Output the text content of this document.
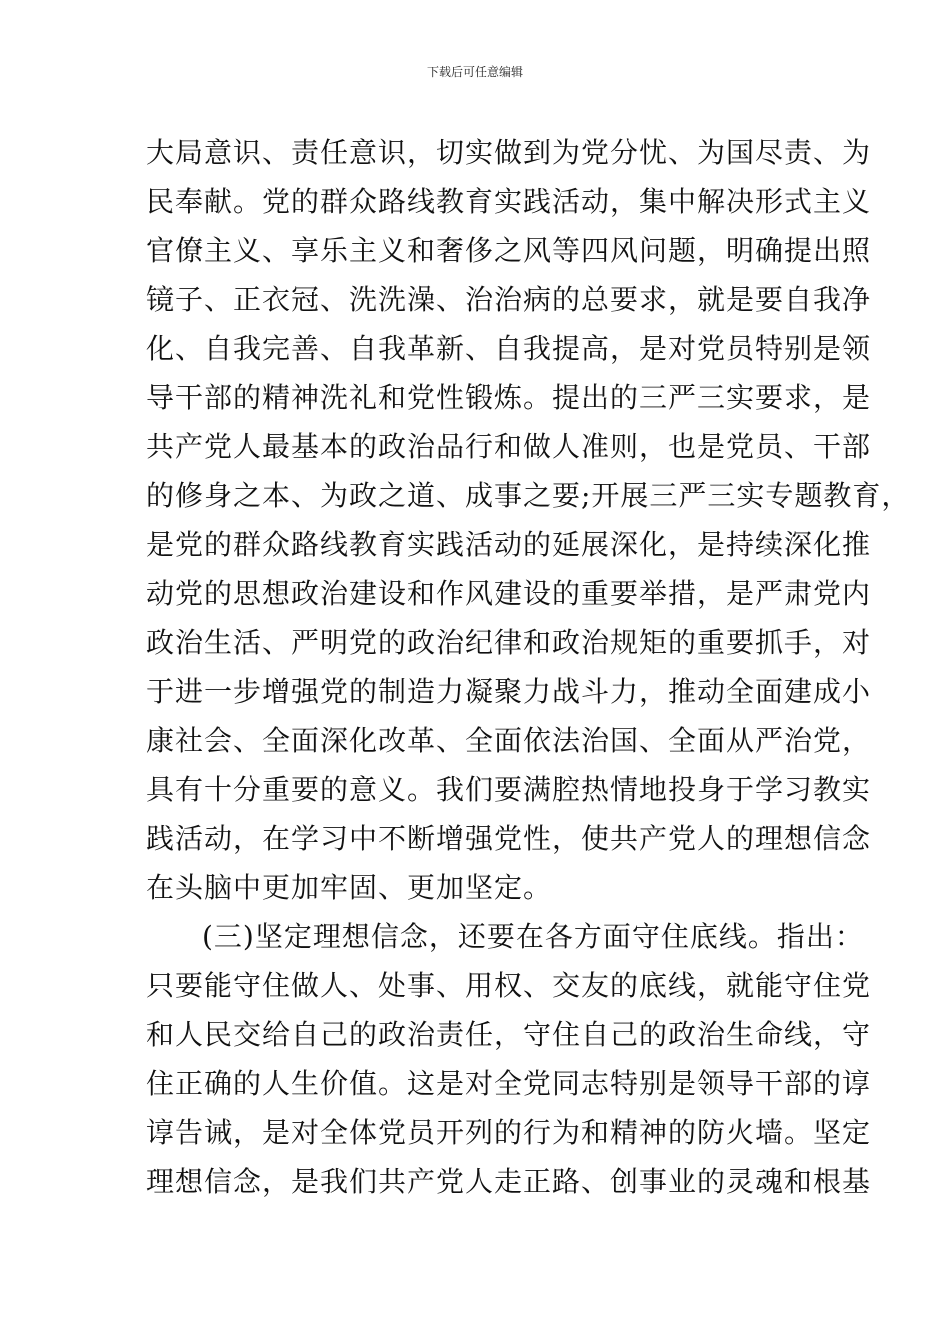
下载后可任意编辑
大局意识、责任意识，切实做到为党分忧、为国尽责、为
民奉献。党的群众路线教育实践活动，集中解决形式主义
官僚主义、享乐主义和奢侈之风等四风问题，明确提出照
镜子、正衣冠、洗洗澡、治治病的总要求，就是要自我净
化、自我完善、自我革新、自我提高，是对党员特别是领
导干部的精神洗礼和党性锻炼。提出的三严三实要求，是
共产党人最基本的政治品行和做人准则，也是党员、干部
的修身之本、为政之道、成事之要;开展三严三实专题教育，
是党的群众路线教育实践活动的延展深化，是持续深化推
动党的思想政治建设和作风建设的重要举措，是严肃党内
政治生活、严明党的政治纪律和政治规矩的重要抓手，对
于进一步增强党的制造力凝聚力战斗力，推动全面建成小
康社会、全面深化改革、全面依法治国、全面从严治党，
具有十分重要的意义。我们要满腔热情地投身于学习教实
践活动，在学习中不断增强党性，使共产党人的理想信念
在头脑中更加牢固、更加坚定。
(三)坚定理想信念，还要在各方面守住底线。指出：
只要能守住做人、处事、用权、交友的底线，就能守住党
和人民交给自己的政治责任，守住自己的政治生命线，守
住正确的人生价值。这是对全党同志特别是领导干部的谆
谆告诫，是对全体党员开列的行为和精神的防火墙。坚定
理想信念，是我们共产党人走正路、创事业的灵魂和根基
